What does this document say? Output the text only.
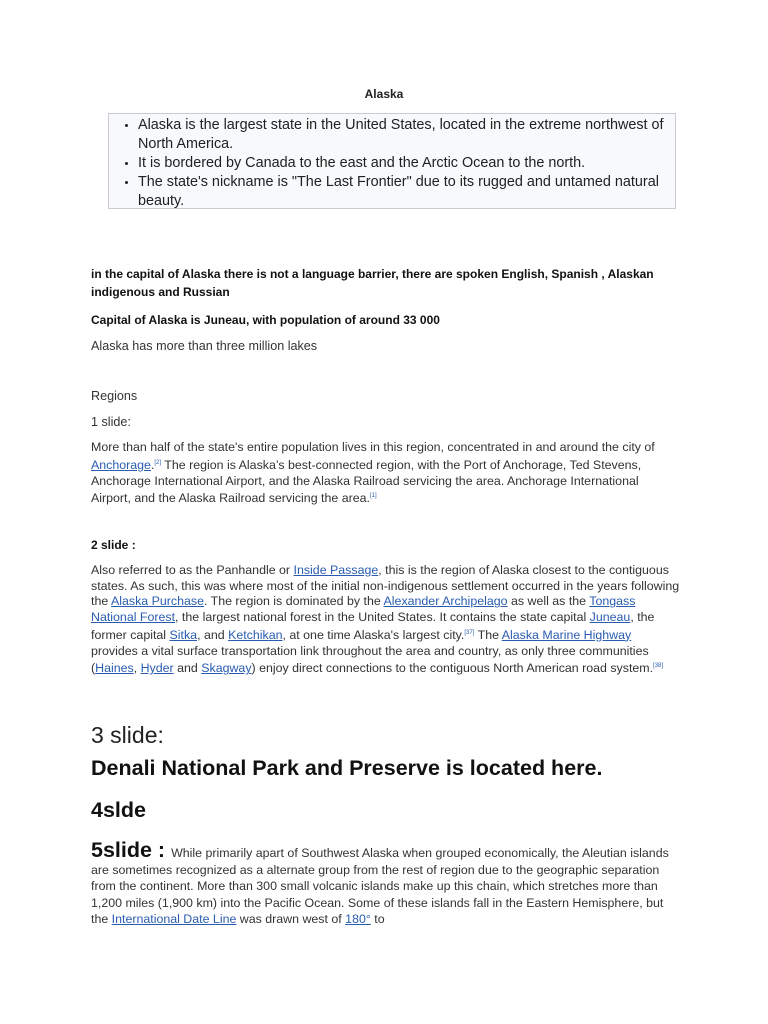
Alaska
• Alaska is the largest state in the United States, located in the extreme northwest of North America.
• It is bordered by Canada to the east and the Arctic Ocean to the north.
• The state's nickname is "The Last Frontier" due to its rugged and untamed natural beauty.
in the capital of Alaska there is not a language barrier, there are spoken English, Spanish , Alaskan
indigenous and Russian
Capital of Alaska is Juneau, with population of around 33 000
Alaska has more than three million lakes
Regions
1 slide:
More than half of the state's entire population lives in this region, concentrated in and around the city of Anchorage.[2] The region is Alaska’s best-connected region, with the Port of Anchorage, Ted Stevens, Anchorage International Airport, and the Alaska Railroad servicing the area. Anchorage International Airport, and the Alaska Railroad servicing the area.[1]
2 slide :
Also referred to as the Panhandle or Inside Passage, this is the region of Alaska closest to the contiguous states. As such, this was where most of the initial non-indigenous settlement occurred in the years following the Alaska Purchase. The region is dominated by the Alexander Archipelago as well as the Tongass National Forest, the largest national forest in the United States. It contains the state capital Juneau, the former capital Sitka, and Ketchikan, at one time Alaska's largest city.[37] The Alaska Marine Highway provides a vital surface transportation link throughout the area and country, as only three communities (Haines, Hyder and Skagway) enjoy direct connections to the contiguous North American road system.[38]
3 slide:
Denali National Park and Preserve is located here.
4slde
5slide : While primarily apart of Southwest Alaska when grouped economically, the Aleutian islands are sometimes recognized as a alternate group from the rest of region due to the geographic separation from the continent. More than 300 small volcanic islands make up this chain, which stretches more than 1,200 miles (1,900 km) into the Pacific Ocean. Some of these islands fall in the Eastern Hemisphere, but the International Date Line was drawn west of 180° to
